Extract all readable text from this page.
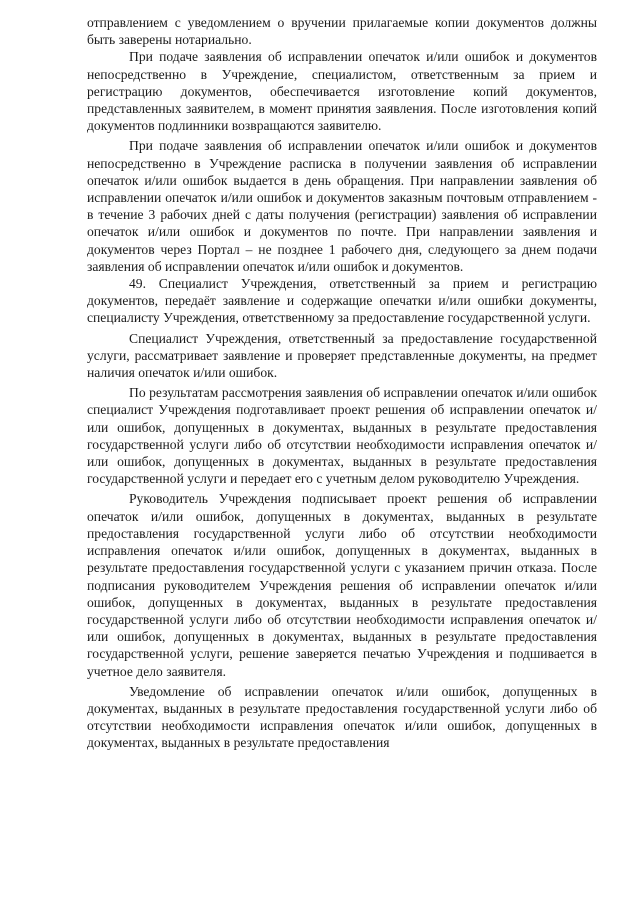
отправлением с уведомлением о вручении прилагаемые копии документов должны быть заверены нотариально.

При подаче заявления об исправлении опечаток и/или ошибок и документов непосредственно в Учреждение, специалистом, ответственным за прием и регистрацию документов, обеспечивается изготовление копий документов, представленных заявителем, в момент принятия заявления. После изготовления копий документов подлинники возвращаются заявителю.

При подаче заявления об исправлении опечаток и/или ошибок и документов непосредственно в Учреждение расписка в получении заявления об исправлении опечаток и/или ошибок выдается в день обращения. При направлении заявления об исправлении опечаток и/или ошибок и документов заказным почтовым отправлением - в течение 3 рабочих дней с даты получения (регистрации) заявления об исправлении опечаток и/или ошибок и документов по почте. При направлении заявления и документов через Портал – не позднее 1 рабочего дня, следующего за днем подачи заявления об исправлении опечаток и/или ошибок и документов.

49. Специалист Учреждения, ответственный за прием и регистрацию документов, передаёт заявление и содержащие опечатки и/или ошибки документы, специалисту Учреждения, ответственному за предоставление государственной услуги.

Специалист Учреждения, ответственный за предоставление государственной услуги, рассматривает заявление и проверяет представленные документы, на предмет наличия опечаток и/или ошибок.

По результатам рассмотрения заявления об исправлении опечаток и/или ошибок специалист Учреждения подготавливает проект решения об исправлении опечаток и/или ошибок, допущенных в документах, выданных в результате предоставления государственной услуги либо об отсутствии необходимости исправления опечаток и/или ошибок, допущенных в документах, выданных в результате предоставления государственной услуги и передает его с учетным делом руководителю Учреждения.

Руководитель Учреждения подписывает проект решения об исправлении опечаток и/или ошибок, допущенных в документах, выданных в результате предоставления государственной услуги либо об отсутствии необходимости исправления опечаток и/или ошибок, допущенных в документах, выданных в результате предоставления государственной услуги с указанием причин отказа. После подписания руководителем Учреждения решения об исправлении опечаток и/или ошибок, допущенных в документах, выданных в результате предоставления государственной услуги либо об отсутствии необходимости исправления опечаток и/или ошибок, допущенных в документах, выданных в результате предоставления государственной услуги, решение заверяется печатью Учреждения и подшивается в учетное дело заявителя.

Уведомление об исправлении опечаток и/или ошибок, допущенных в документах, выданных в результате предоставления государственной услуги либо об отсутствии необходимости исправления опечаток и/или ошибок, допущенных в документах, выданных в результате предоставления
